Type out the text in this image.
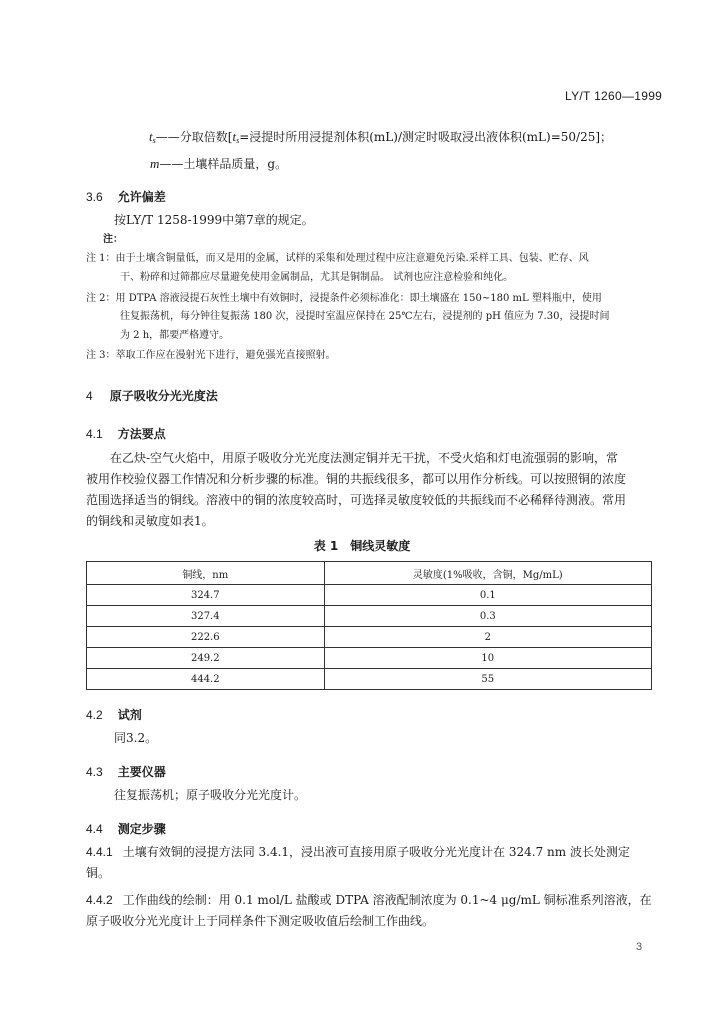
LY/T 1260—1999
$t_s——$分取倍数[$t_s=$浸提时所用浸提剂体积(mL)/测定时吸取浸出液体积(mL)=50/25]；
m——土壤样品质量，g。
3.6 允许偏差
按LY/T 1258-1999中第7章的规定。
注：
注 1：由于土壤含铜量低，而又是用的金属，试样的采集和处理过程中应注意避免污染.采样工具、包装、贮存、风
干、粉碎和过筛都应尽量避免使用金属制品，尤其是铜制品。 试剂也应注意检验和纯化。
注 2：用 DTPA 溶液浸提石灰性土壤中有效铜时，浸提条件必须标准化：即土壤盛在 150~180 mL 塑料瓶中，使用
往复振荡机，每分钟往复振荡 180 次，浸提时室温应保持在 25℃左右，浸提剂的 pH 值应为 7.30，浸提时间
为 2 h，都要严格遵守。
注 3：萃取工作应在漫射光下进行，避免强光直接照射。
4 原子吸收分光光度法
4.1 方法要点
在乙炔-空气火焰中，用原子吸收分光光度法测定铜并无干扰，不受火焰和灯电流强弱的影响，常
被用作校验仪器工作情况和分析步骤的标准。铜的共振线很多，都可以用作分析线。可以按照铜的浓度
范围选择适当的铜线。溶液中的铜的浓度较高时，可选择灵敏度较低的共振线而不必稀释待测液。常用
的铜线和灵敏度如表1。
表 1　铜线灵敏度
铜线，nm	灵敏度(1%吸收，含铜，Mg/mL)
324.7	0.1
327.4	0.3
222.6	2
249.2	10
444.2	55
4.2 试剂
同3.2。
4.3 主要仪器
往复振荡机；原子吸收分光光度计。
4.4 测定步骤
4.4.1 土壤有效铜的浸提方法同 3.4.1，浸出液可直接用原子吸收分光光度计在 324.7 nm 波长处测定
铜。
4.4.2 工作曲线的绘制：用 0.1 mol/L 盐酸或 DTPA 溶液配制浓度为 0.1~4 μg/mL 铜标准系列溶液，在
原子吸收分光光度计上于同样条件下测定吸收值后绘制工作曲线。
3
